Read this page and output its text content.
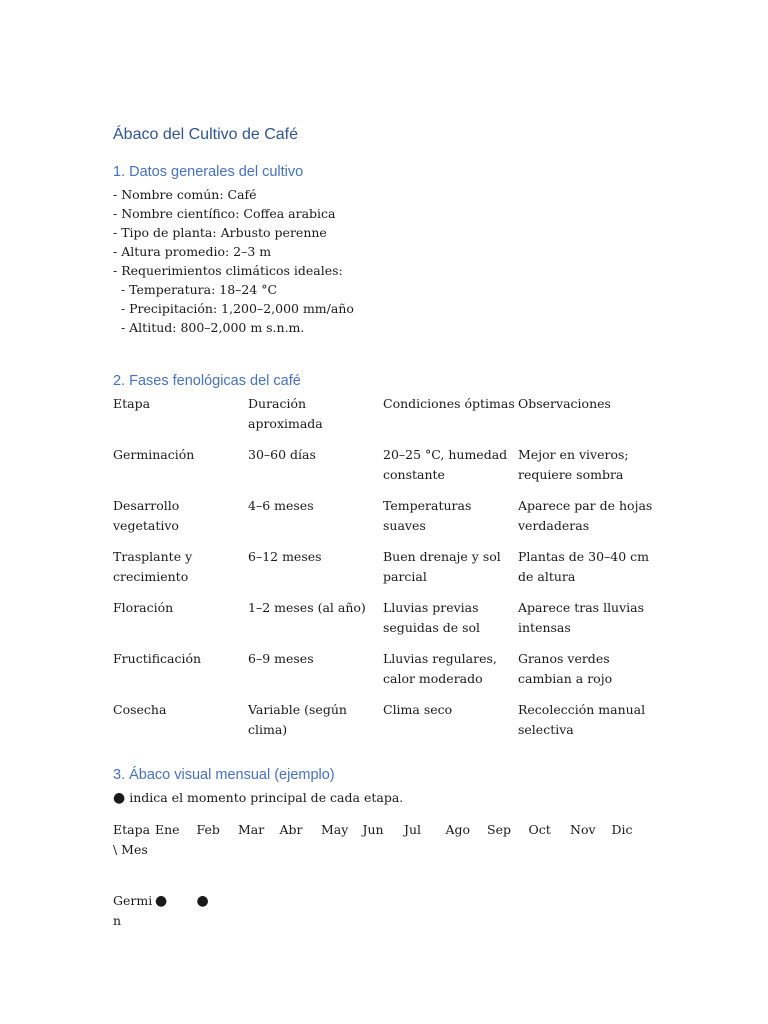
Ábaco del Cultivo de Café
1. Datos generales del cultivo
- Nombre común: Café
- Nombre científico: Coffea arabica
- Tipo de planta: Arbusto perenne
- Altura promedio: 2–3 m
- Requerimientos climáticos ideales:
- Temperatura: 18–24 °C
- Precipitación: 1,200–2,000 mm/año
- Altitud: 800–2,000 m s.n.m.
2. Fases fenológicas del café
Etapa	Duración aproximada	Condiciones óptimas	Observaciones
Germinación	30–60 días	20–25 °C, humedad constante	Mejor en viveros; requiere sombra
Desarrollo vegetativo	4–6 meses	Temperaturas suaves	Aparece par de hojas verdaderas
Trasplante y crecimiento	6–12 meses	Buen drenaje y sol parcial	Plantas de 30–40 cm de altura
Floración	1–2 meses (al año)	Lluvias previas seguidas de sol	Aparece tras lluvias intensas
Fructificación	6–9 meses	Lluvias regulares, calor moderado	Granos verdes cambian a rojo
Cosecha	Variable (según clima)	Clima seco	Recolección manual selectiva
3. Ábaco visual mensual (ejemplo)
● indica el momento principal de cada etapa.
Etapa \ Mes	Ene	Feb	Mar	Abr	May	Jun	Jul	Ago	Sep	Oct	Nov	Dic
Germin	●	●										
